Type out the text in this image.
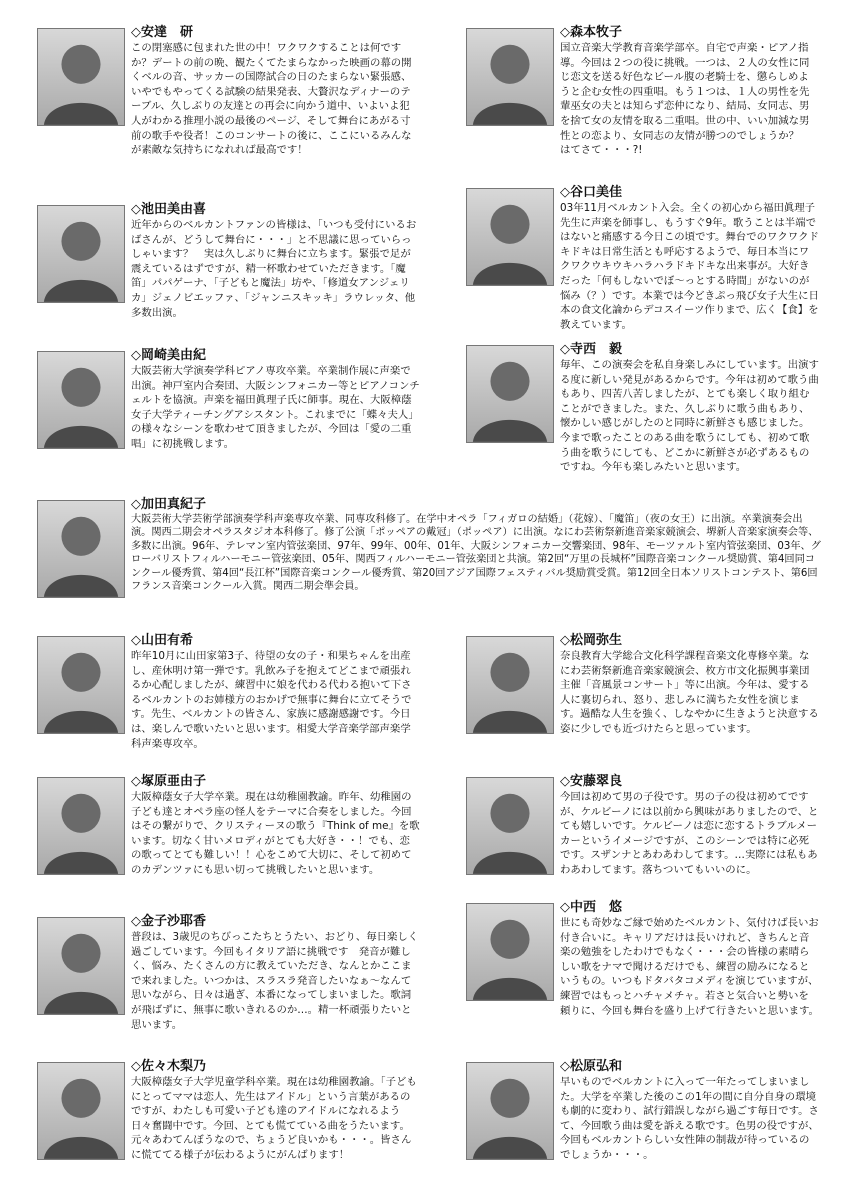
◇安達　研

この閉塞感に包まれた世の中！ワクワクすることは何ですか？デートの前の晩、観たくてたまらなかった映画の幕の開くベルの音、サッカーの国際試合の日のたまらない緊張感、いやでもやってくる試験の結果発表、大贅沢なディナーのテーブル、久しぶりの友達との再会に向かう道中、いよいよ犯人がわかる推理小説の最後のページ、そして舞台にあがる寸前の歌手や役者！このコンサートの後に、ここにいるみんなが素敵な気持ちになれれば最高です！

◇森本牧子

国立音楽大学教育音楽学部卒。自宅で声楽・ピアノ指導。今回は２つの役に挑戦。一つは、２人の女性に同じ恋文を送る好色なビール腹の老騎士を、懲らしめようと企む女性の四重唱。もう１つは、１人の男性を先輩巫女の夫とは知らず恋仲になり、結局、女同志、男を捨て女の友情を取る二重唱。世の中、いい加減な男性との恋より、女同志の友情が勝つのでしょうか？　はてさて・・・?!

◇池田美由喜

近年からのベルカントファンの皆様は、「いつも受付にいるおばさんが、どうして舞台に・・・」と不思議に思っていらっしゃいます？　実は久しぶりに舞台に立ちます。緊張で足が震えているはずですが、精一杯歌わせていただきます。「魔笛」パパゲーナ、「子どもと魔法」坊や、「修道女アンジェリカ」ジェノビエッファ、「ジャンニスキッキ」ラウレッタ、他多数出演。

◇谷口美佳

03年11月ベルカント入会。全くの初心から福田眞理子先生に声楽を師事し、もうすぐ9年。歌うことは半端ではないと痛感する今日この頃です。舞台でのワクワクドキドキは日常生活とも呼応するようで、毎日本当にワクワクウキウキハラハラドキドキな出来事が。大好きだった「何もしないでぼ〜っとする時間」がないのが悩み（？）です。本業では今どきぷっ飛び女子大生に日本の食文化論からデコスイーツ作りまで、広く【食】を教えています。

◇岡崎美由紀

大阪芸術大学演奏学科ピアノ専攻卒業。卒業制作展に声楽で出演。神戸室内合奏団、大阪シンフォニカー等とピアノコンチェルトを協演。声楽を福田眞理子氏に師事。現在、大阪樟蔭女子大学ティーチングアシスタント。これまでに「蝶々夫人」の様々なシーンを歌わせて頂きましたが、今回は「愛の二重唱」に初挑戦します。

◇寺西　毅

毎年、この演奏会を私自身楽しみにしています。出演する度に新しい発見があるからです。今年は初めて歌う曲もあり、四苦八苦しましたが、とても楽しく取り組むことができました。また、久しぶりに歌う曲もあり、懐かしい感じがしたのと同時に新鮮さも感じました。今まで歌ったことのある曲を歌うにしても、初めて歌う曲を歌うにしても、どこかに新鮮さが必ずあるものですね。今年も楽しみたいと思います。

◇加田真紀子

大阪芸術大学芸術学部演奏学科声楽専攻卒業、同専攻科修了。在学中オペラ「フィガロの結婚」（花嫁）、「魔笛」（夜の女王）に出演。卒業演奏会出演。関西二期会オペラスタジオ本科修了。修了公演「ポッペアの戴冠」（ポッペア）に出演。なにわ芸術祭新進音楽家競演会、堺新人音楽家演奏会等、多数に出演。96年、テレマン室内管弦楽団、97年、99年、00年、01年、大阪シンフォニカー交響楽団、98年、モーツァルト室内管弦楽団、03年、グローバリストフィルハーモニー管弦楽団、05年、関西フィルハーモニー管弦楽団と共演。第2回“万里の長城杯”国際音楽コンクール奨励賞、第4回同コンクール優秀賞、第4回“長江杯”国際音楽コンクール優秀賞、第20回アジア国際フェスティバル奨励賞受賞。第12回全日本ソリストコンテスト、第6回フランス音楽コンクール入賞。関西二期会準会員。

◇山田有希

昨年10月に山田家第3子、待望の女の子・和果ちゃんを出産し、産休明け第一弾です。乳飲み子を抱えてどこまで頑張れるか心配しましたが、練習中に娘を代わる代わる抱いて下さるベルカントのお姉様方のおかげで無事に舞台に立てそうです。先生、ベルカントの皆さん、家族に感謝感謝です。今日は、楽しんで歌いたいと思います。相愛大学音楽学部声楽学科声楽専攻卒。

◇松岡弥生

奈良教育大学総合文化科学課程音楽文化専修卒業。なにわ芸術祭新進音楽家競演会、枚方市文化振興事業団主催「音風景コンサート」等に出演。今年は、愛する人に裏切られ、怒り、悲しみに満ちた女性を演じます。過酷な人生を強く、しなやかに生きようと決意する姿に少しでも近づけたらと思っています。

◇塚原亜由子

大阪樟蔭女子大学卒業。現在は幼稚園教諭。昨年、幼稚園の子ども達とオペラ座の怪人をテーマに合奏をしました。今回はその繋がりで、クリスティーヌの歌う『Think of me』を歌います。切なく甘いメロディがとても大好き・・！でも、恋の歌ってとても難しい！！心をこめて大切に、そして初めてのカデンツァにも思い切って挑戦したいと思います。

◇安藤翠良

今回は初めて男の子役です。男の子の役は初めてですが、ケルビーノには以前から興味がありましたので、とても嬉しいです。ケルビーノは恋に恋するトラブルメーカーというイメージですが、このシーンでは特に必死です。スザンナとあわあわしてます。…実際には私もあわあわしてます。落ちついてもいいのに。

◇金子沙耶香

普段は、3歳児のちびっこたちとうたい、おどり、毎日楽しく過ごしています。今回もイタリア語に挑戦です　発音が難しく、悩み、たくさんの方に教えていただき、なんとかここまで来れました。いつかは、スラスラ発音したいなぁ〜なんて思いながら、日々は過ぎ、本番になってしまいました。歌詞が飛ばずに、無事に歌いきれるのか…。精一杯頑張りたいと思います。

◇中西　悠

世にも奇妙なご縁で始めたベルカント、気付けば長いお付き合いに。キャリアだけは長いけれど、きちんと音楽の勉強をしたわけでもなく・・・会の皆様の素晴らしい歌をナマで聞けるだけでも、練習の励みになるというもの。いつもドタバタコメディを演じていますが、練習ではもっとハチャメチャ。若さと気合いと勢いを頼りに、今回も舞台を盛り上げて行きたいと思います。

◇佐々木梨乃

大阪樟蔭女子大学児童学科卒業。現在は幼稚園教諭。「子どもにとってママは恋人、先生はアイドル」という言葉があるのですが、わたしも可愛い子ども達のアイドルになれるよう日々奮闘中です。今回、とても慌てている曲をうたいます。元々あわてんぼうなので、ちょうど良いかも・・・。皆さんに慌ててる様子が伝わるようにがんばります！

◇松原弘和

早いものでベルカントに入って一年たってしまいました。大学を卒業した後のこの1年の間に自分自身の環境も劇的に変わり、試行錯誤しながら過ごす毎日です。さて、今回歌う曲は愛を訴える歌です。色男の役ですが、今回もベルカントらしい女性陣の制裁が待っているのでしょうか・・・。
